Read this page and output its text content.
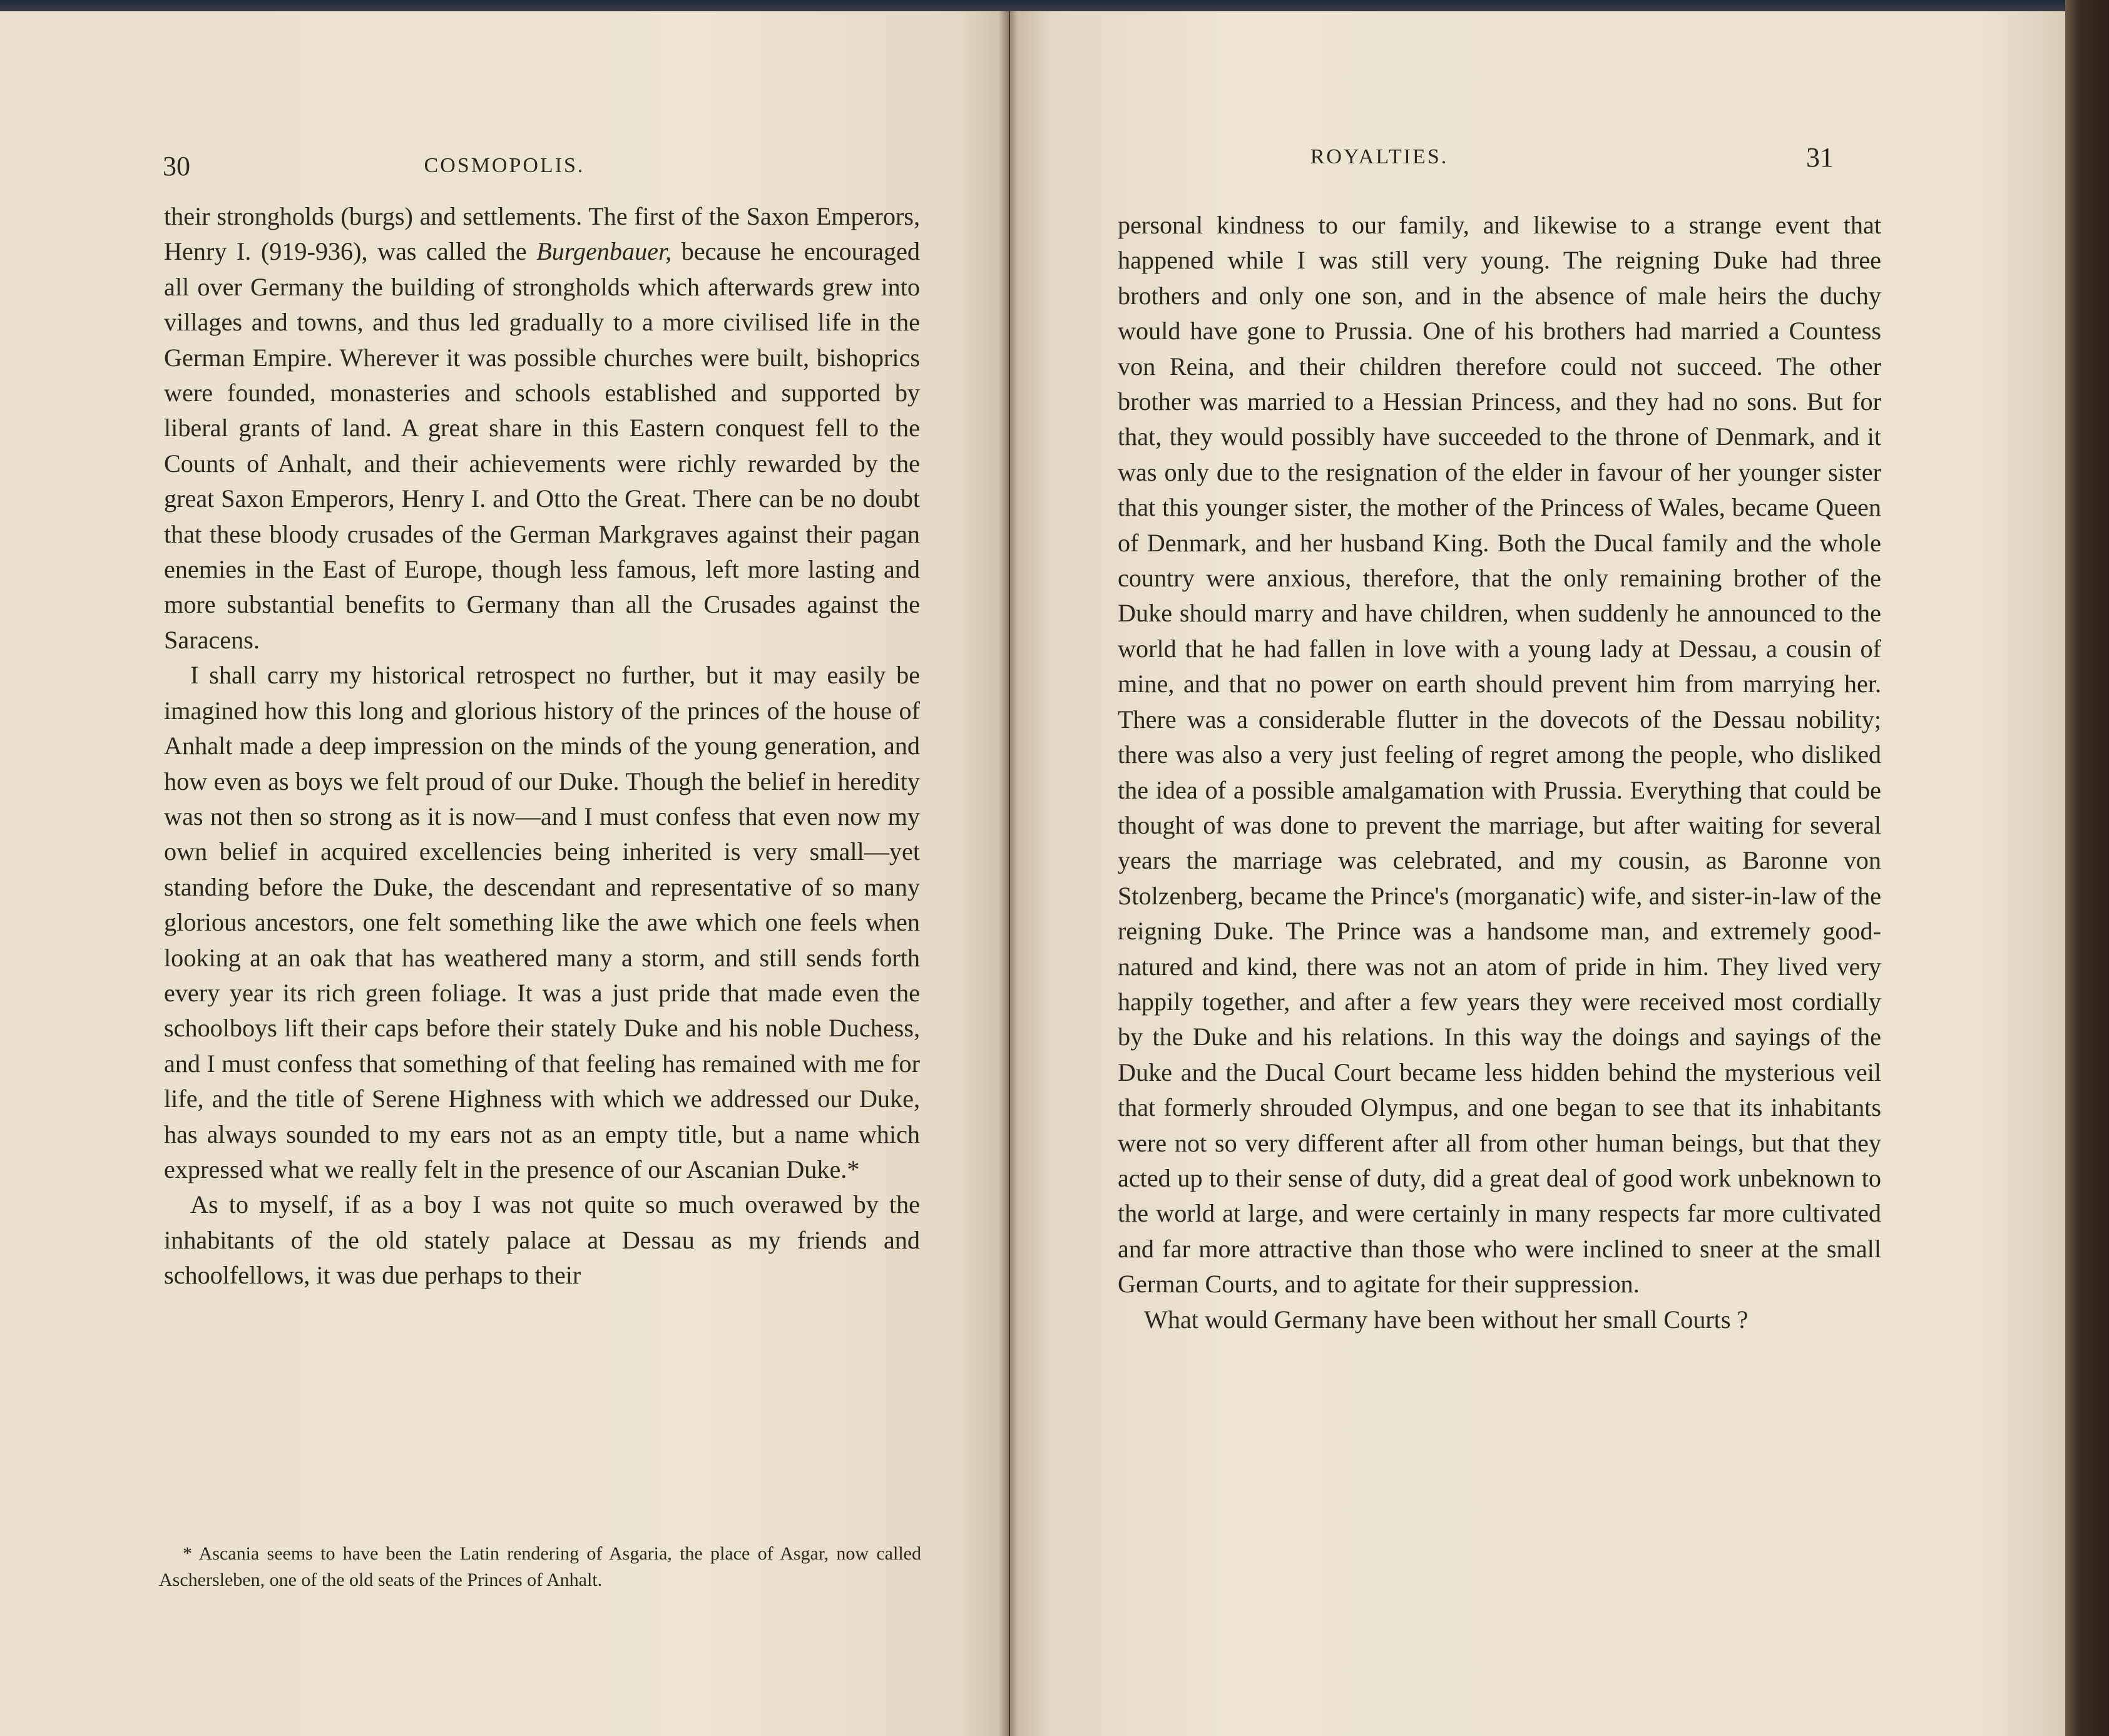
30	COSMOPOLIS.

their strongholds (burgs) and settlements. The first of the Saxon Emperors, Henry I. (919-936), was called the Burgenbauer, because he encouraged all over Germany the building of strongholds which afterwards grew into villages and towns, and thus led gradually to a more civilised life in the German Empire. Wherever it was possible churches were built, bishoprics were founded, monasteries and schools established and supported by liberal grants of land. A great share in this Eastern conquest fell to the Counts of Anhalt, and their achievements were richly rewarded by the great Saxon Emperors, Henry I. and Otto the Great. There can be no doubt that these bloody crusades of the German Markgraves against their pagan enemies in the East of Europe, though less famous, left more lasting and more substantial benefits to Germany than all the Crusades against the Saracens.

I shall carry my historical retrospect no further, but it may easily be imagined how this long and glorious history of the princes of the house of Anhalt made a deep impression on the minds of the young generation, and how even as boys we felt proud of our Duke. Though the belief in heredity was not then so strong as it is now—and I must confess that even now my own belief in acquired excellencies being inherited is very small—yet standing before the Duke, the descendant and representative of so many glorious ancestors, one felt something like the awe which one feels when looking at an oak that has weathered many a storm, and still sends forth every year its rich green foliage. It was a just pride that made even the schoolboys lift their caps before their stately Duke and his noble Duchess, and I must confess that something of that feeling has remained with me for life, and the title of Serene Highness with which we addressed our Duke, has always sounded to my ears not as an empty title, but a name which expressed what we really felt in the presence of our Ascanian Duke.*

As to myself, if as a boy I was not quite so much overawed by the inhabitants of the old stately palace at Dessau as my friends and schoolfellows, it was due perhaps to their

* Ascania seems to have been the Latin rendering of Asgaria, the place of Asgar, now called Aschersleben, one of the old seats of the Princes of Anhalt.

ROYALTIES.	31

personal kindness to our family, and likewise to a strange event that happened while I was still very young. The reigning Duke had three brothers and only one son, and in the absence of male heirs the duchy would have gone to Prussia. One of his brothers had married a Countess von Reina, and their children therefore could not succeed. The other brother was married to a Hessian Princess, and they had no sons. But for that, they would possibly have succeeded to the throne of Denmark, and it was only due to the resignation of the elder in favour of her younger sister that this younger sister, the mother of the Princess of Wales, became Queen of Denmark, and her husband King. Both the Ducal family and the whole country were anxious, therefore, that the only remaining brother of the Duke should marry and have children, when suddenly he announced to the world that he had fallen in love with a young lady at Dessau, a cousin of mine, and that no power on earth should prevent him from marrying her. There was a considerable flutter in the dovecots of the Dessau nobility; there was also a very just feeling of regret among the people, who disliked the idea of a possible amalgamation with Prussia. Everything that could be thought of was done to prevent the marriage, but after waiting for several years the marriage was celebrated, and my cousin, as Baronne von Stolzenberg, became the Prince's (morganatic) wife, and sister-in-law of the reigning Duke. The Prince was a handsome man, and extremely good-natured and kind, there was not an atom of pride in him. They lived very happily together, and after a few years they were received most cordially by the Duke and his relations. In this way the doings and sayings of the Duke and the Ducal Court became less hidden behind the mysterious veil that formerly shrouded Olympus, and one began to see that its inhabitants were not so very different after all from other human beings, but that they acted up to their sense of duty, did a great deal of good work unbeknown to the world at large, and were certainly in many respects far more cultivated and far more attractive than those who were inclined to sneer at the small German Courts, and to agitate for their suppression.

What would Germany have been without her small Courts ?
